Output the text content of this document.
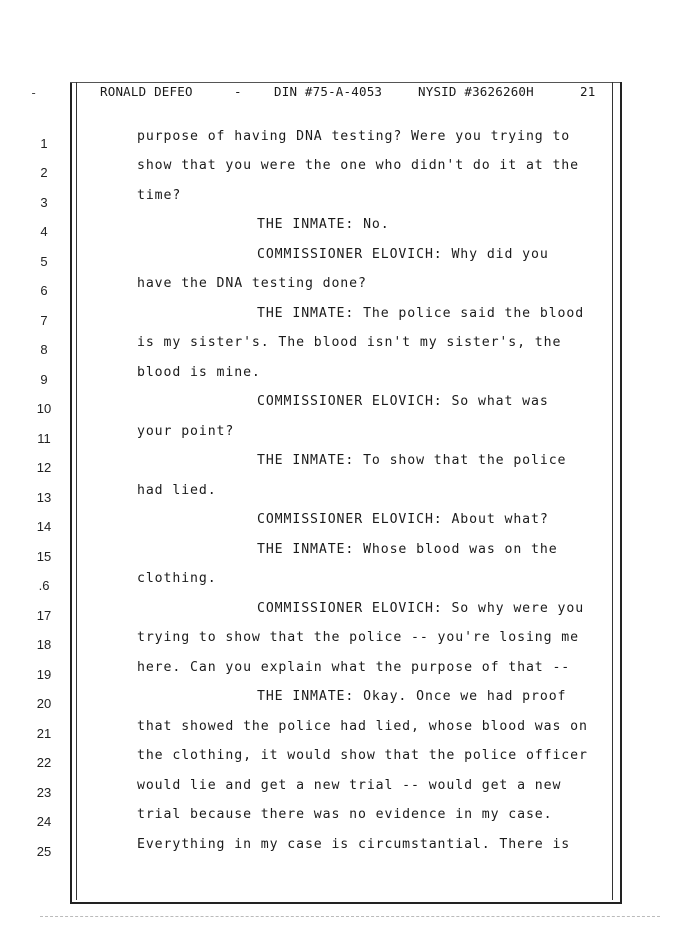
‑	RONALD DEFEO	-	DIN #75-A-4053	NYSID #3626260H	21
1
2
3
4
5
6
7
8
9
10
11
12
13
14
15
.6
17
18
19
20
21
22
23
24
25
purpose of having DNA testing? Were you trying to
show that you were the one who didn't do it at the
time?
THE INMATE: No.
COMMISSIONER ELOVICH: Why did you
have the DNA testing done?
THE INMATE: The police said the blood
is my sister's. The blood isn't my sister's, the
blood is mine.
COMMISSIONER ELOVICH: So what was
your point?
THE INMATE: To show that the police
had lied.
COMMISSIONER ELOVICH: About what?
THE INMATE: Whose blood was on the
clothing.
COMMISSIONER ELOVICH: So why were you
trying to show that the police -- you're losing me
here. Can you explain what the purpose of that --
THE INMATE: Okay. Once we had proof
that showed the police had lied, whose blood was on
the clothing, it would show that the police officer
would lie and get a new trial -- would get a new
trial because there was no evidence in my case.
Everything in my case is circumstantial. There is
